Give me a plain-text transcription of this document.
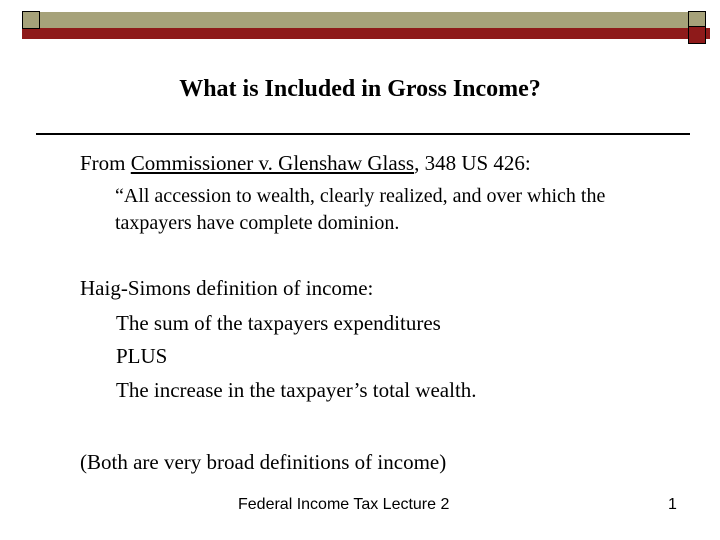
What is Included in Gross Income?
From Commissioner v. Glenshaw Glass, 348 US 426:
“All accession to wealth, clearly realized, and over which the
taxpayers have complete dominion.
Haig-Simons definition of income:
The sum of the taxpayers expenditures
PLUS
The increase in the taxpayer’s total wealth.
(Both are very broad definitions of income)
Federal Income Tax Lecture 2	1
